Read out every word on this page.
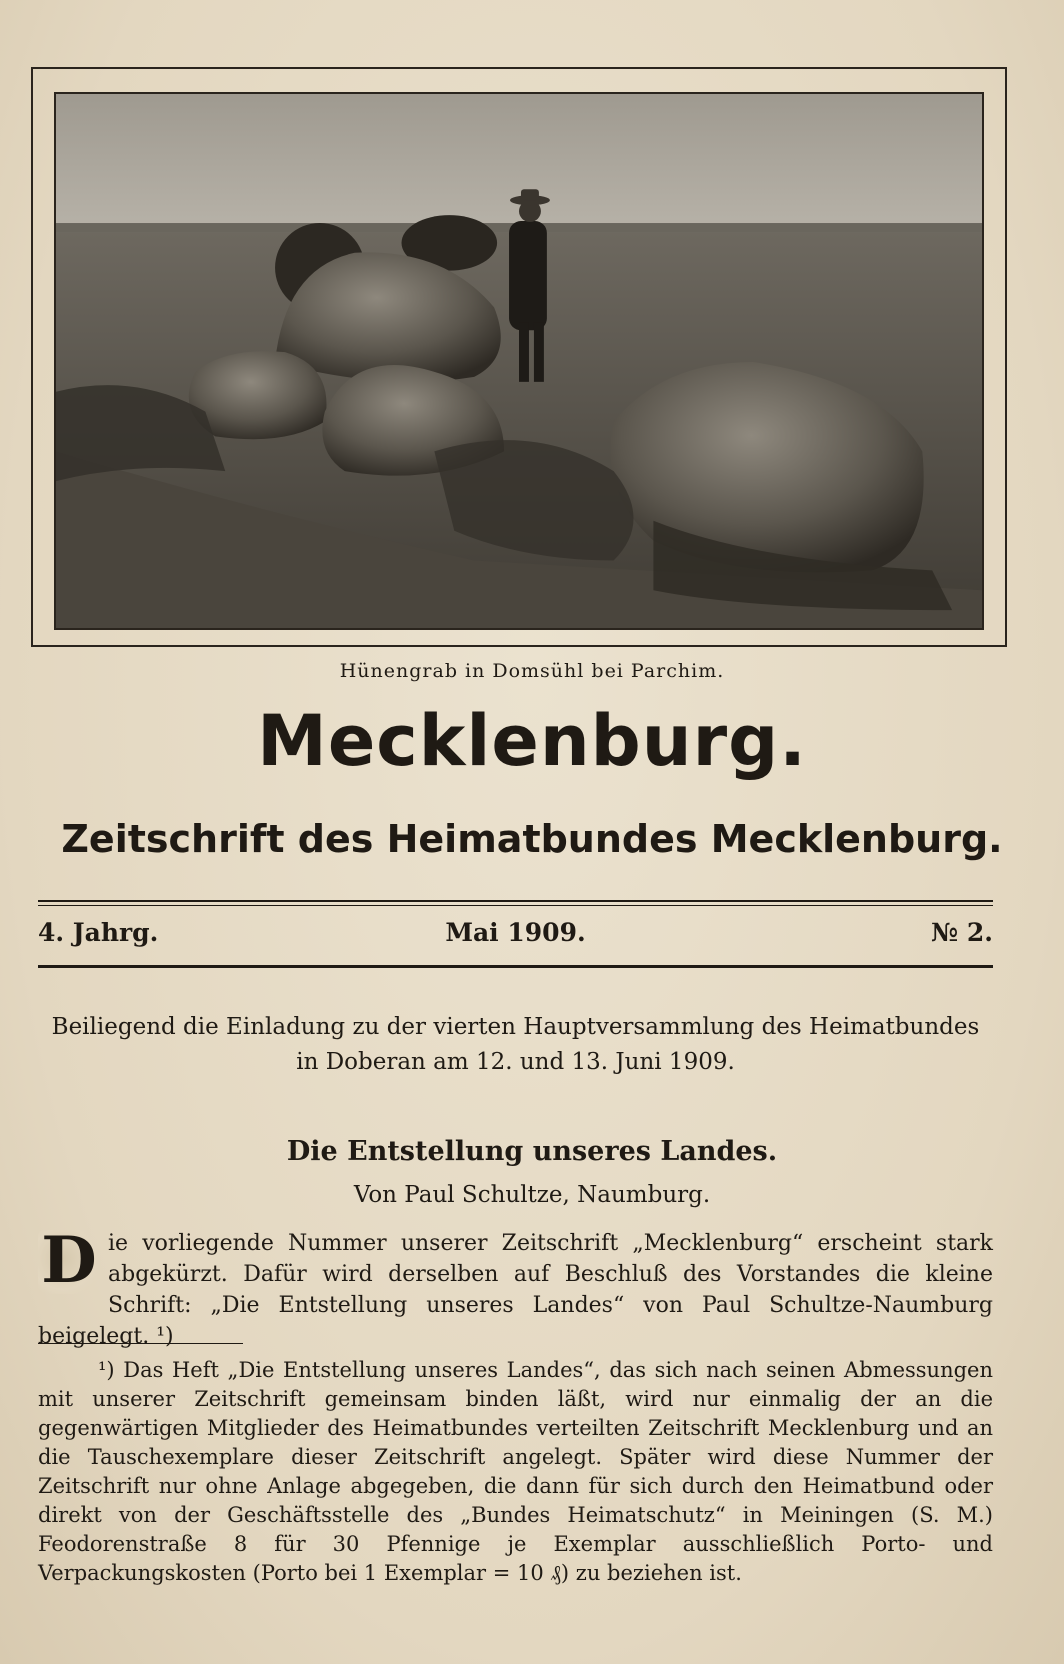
Hünengrab in Domsühl bei Parchim.
Mecklenburg.
Zeitschrift des Heimatbundes Mecklenburg.
4. Jahrg.	Mai 1909.	№ 2.
Beiliegend die Einladung zu der vierten Hauptversammlung des Heimatbundes in Doberan am 12. und 13. Juni 1909.
Die Entstellung unseres Landes.
Von Paul Schultze, Naumburg.
D ie vorliegende Nummer unserer Zeitschrift „Mecklenburg“ erscheint stark abgekürzt. Dafür wird derselben auf Beschluß des Vorstandes die kleine Schrift: „Die Entstellung unseres Landes“ von Paul Schultze-Naumburg beigelegt. ¹)
¹) Das Heft „Die Entstellung unseres Landes“, das sich nach seinen Abmessungen mit unserer Zeitschrift gemeinsam binden läßt, wird nur einmalig der an die gegenwärtigen Mitglieder des Heimatbundes verteilten Zeitschrift Mecklenburg und an die Tauschexemplare dieser Zeitschrift angelegt. Später wird diese Nummer der Zeitschrift nur ohne Anlage abgegeben, die dann für sich durch den Heimatbund oder direkt von der Geschäftsstelle des „Bundes Heimatschutz“ in Meiningen (S. M.) Feodorenstraße 8 für 30 Pfennige je Exemplar ausschließlich Porto- und Verpackungskosten (Porto bei 1 Exemplar = 10 ₰) zu beziehen ist.
